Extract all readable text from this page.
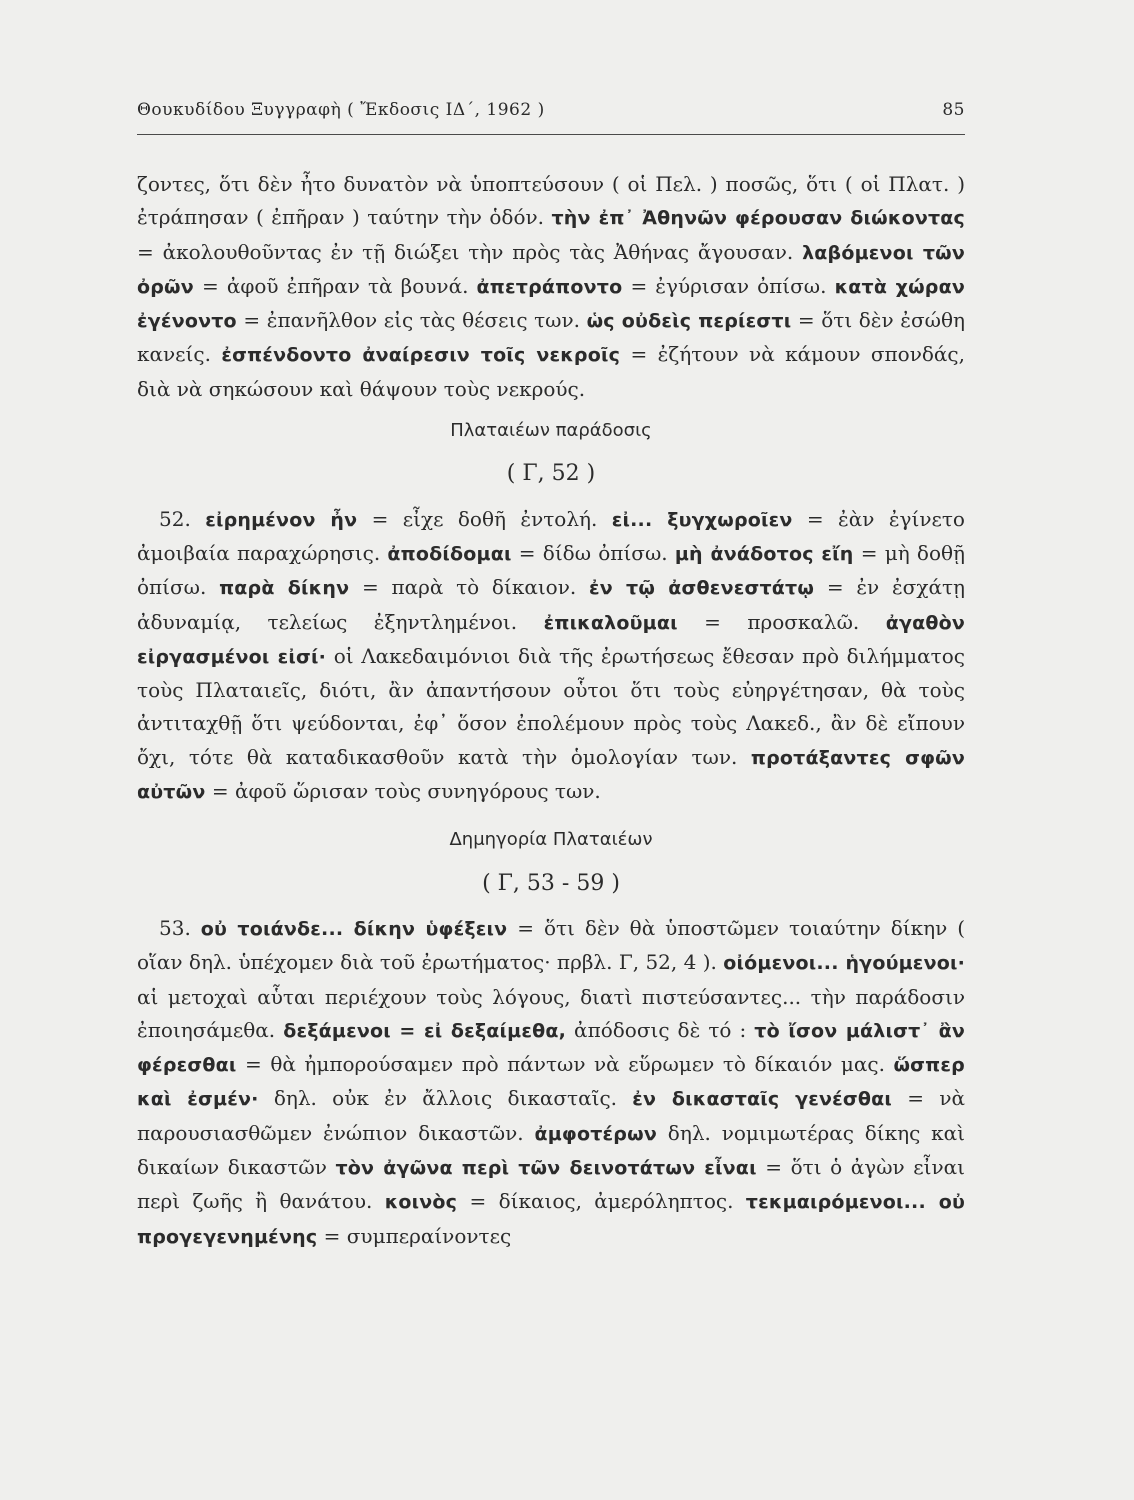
Θουκυδίδου Ξυγγραφὴ ( Ἔκδοσις ΙΔ΄, 1962 )	85

ζοντες, ὅτι δὲν ἦτο δυνατὸν νὰ ὑποπτεύσουν ( οἱ Πελ. ) ποσῶς, ὅτι ( οἱ Πλατ. ) ἐτράπησαν ( ἐπῆραν ) ταύτην τὴν ὁδόν. τὴν ἐπ᾽ Ἀθηνῶν φέρουσαν διώκοντας = ἀκολουθοῦντας ἐν τῇ διώξει τὴν πρὸς τὰς Ἀθήνας ἄγουσαν. λαβόμενοι τῶν ὀρῶν = ἀφοῦ ἐπῆραν τὰ βουνά. ἀπετράποντο = ἐγύρισαν ὀπίσω. κατὰ χώραν ἐγένοντο = ἐπανῆλθον εἰς τὰς θέσεις των. ὡς οὐδεὶς περίεστι = ὅτι δὲν ἐσώθη κανείς. ἐσπένδοντο ἀναίρεσιν τοῖς νεκροῖς = ἐζήτουν νὰ κάμουν σπονδάς, διὰ νὰ σηκώσουν καὶ θάψουν τοὺς νεκρούς.

Πλαταιέων παράδοσις

( Γ, 52 )

52. εἰρημένον ἦν = εἶχε δοθῆ ἐντολή. εἰ... ξυγχωροῖεν = ἐὰν ἐγίνετο ἀμοιβαία παραχώρησις. ἀποδίδομαι = δίδω ὀπίσω. μὴ ἀνάδοτος εἴη = μὴ δοθῇ ὀπίσω. παρὰ δίκην = παρὰ τὸ δίκαιον. ἐν τῷ ἀσθενεστάτῳ = ἐν ἐσχάτῃ ἀδυναμίᾳ, τελείως ἐξηντλημένοι. ἐπικαλοῦμαι = προσκαλῶ. ἀγαθὸν εἰργασμένοι εἰσί· οἱ Λακεδαιμόνιοι διὰ τῆς ἐρωτήσεως ἔθεσαν πρὸ διλήμματος τοὺς Πλαταιεῖς, διότι, ἂν ἀπαντήσουν οὗτοι ὅτι τοὺς εὐηργέτησαν, θὰ τοὺς ἀντιταχθῇ ὅτι ψεύδονται, ἐφ᾽ ὅσον ἐπολέμουν πρὸς τοὺς Λακεδ., ἂν δὲ εἴπουν ὄχι, τότε θὰ καταδικασθοῦν κατὰ τὴν ὁμολογίαν των. προτάξαντες σφῶν αὐτῶν = ἀφοῦ ὥρισαν τοὺς συνηγόρους των.

Δημηγορία Πλαταιέων

( Γ, 53 - 59 )

53. οὐ τοιάνδε... δίκην ὑφέξειν = ὅτι δὲν θὰ ὑποστῶμεν τοιαύτην δίκην ( οἵαν δηλ. ὑπέχομεν διὰ τοῦ ἐρωτήματος· πρβλ. Γ, 52, 4 ). οἰόμενοι... ἡγούμενοι· αἱ μετοχαὶ αὗται περιέχουν τοὺς λόγους, διατὶ πιστεύσαντες... τὴν παράδοσιν ἐποιησάμεθα. δεξάμενοι = εἰ δεξαίμεθα, ἀπόδοσις δὲ τό : τὸ ἴσον μάλιστ᾽ ἂν φέρεσθαι = θὰ ἠμπορούσαμεν πρὸ πάντων νὰ εὕρωμεν τὸ δίκαιόν μας. ὥσπερ καὶ ἐσμέν· δηλ. οὐκ ἐν ἄλλοις δικασταῖς. ἐν δικασταῖς γενέσθαι = νὰ παρουσιασθῶμεν ἐνώπιον δικαστῶν. ἀμφοτέρων δηλ. νομιμωτέρας δίκης καὶ δικαίων δικαστῶν τὸν ἀγῶνα περὶ τῶν δεινοτάτων εἶναι = ὅτι ὁ ἀγὼν εἶναι περὶ ζωῆς ἢ θανάτου. κοινὸς = δίκαιος, ἀμερόληπτος. τεκμαιρόμενοι... οὐ προγεγενημένης = συμπεραίνοντες
